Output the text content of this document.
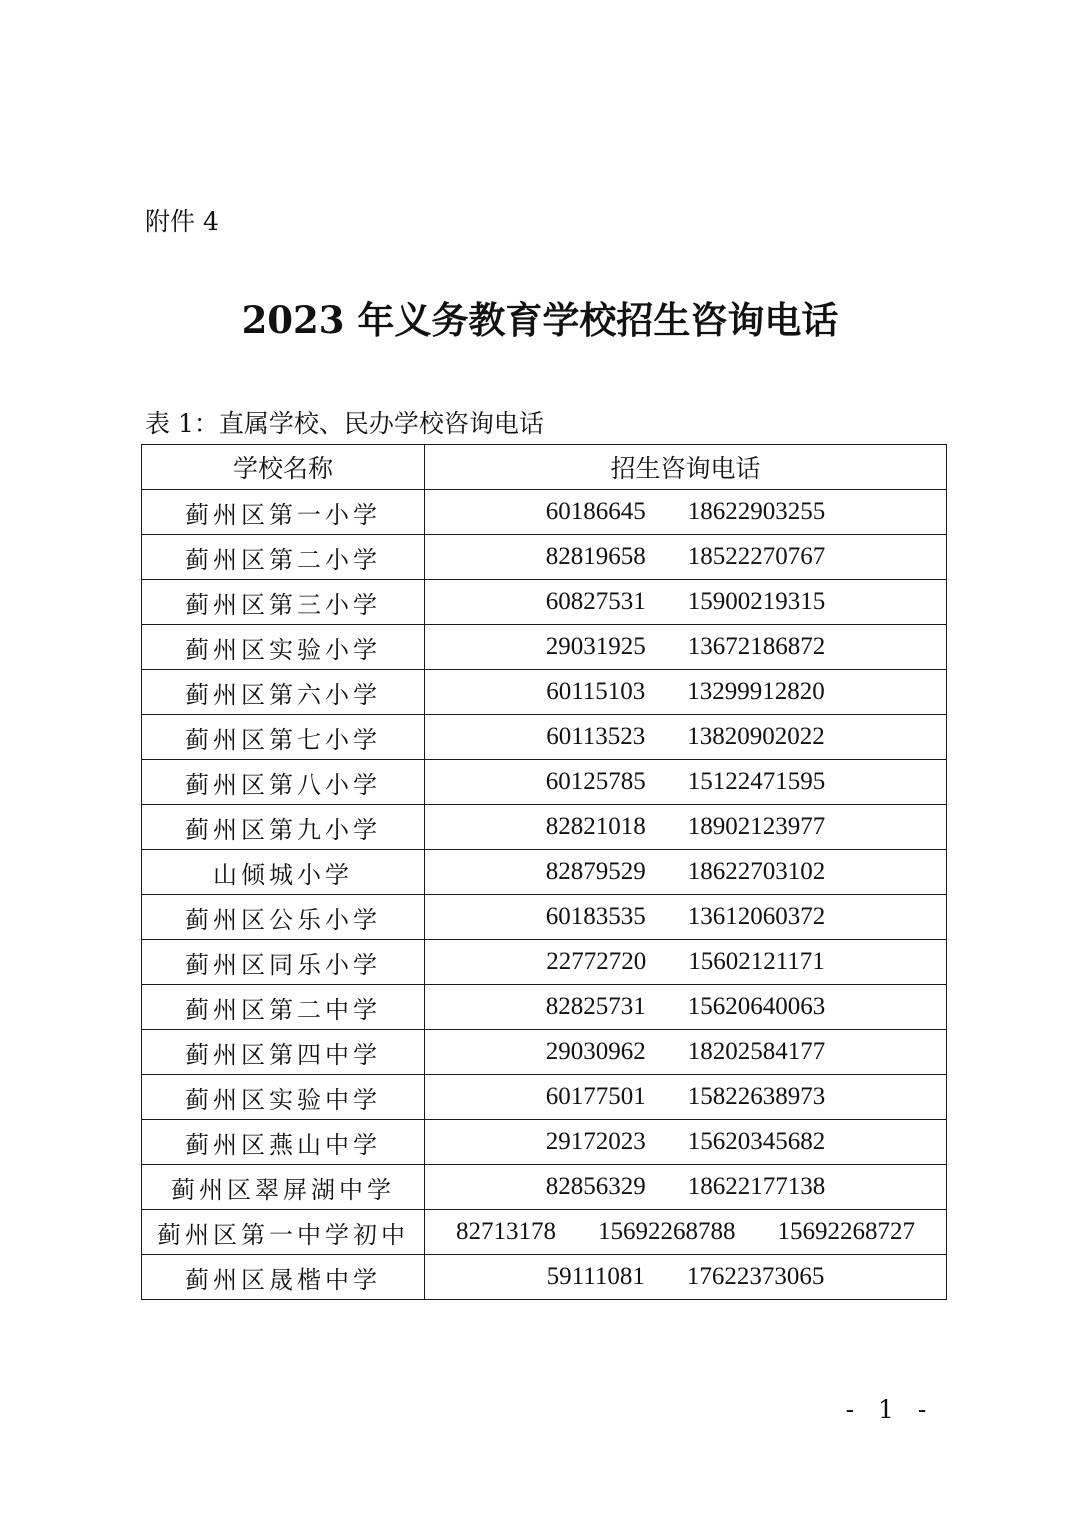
附件 4
2023 年义务教育学校招生咨询电话
表 1：直属学校、民办学校咨询电话
学校名称	招生咨询电话
蓟州区第一小学	60186645 18622903255

蓟州区第二小学	82819658 18522270767

蓟州区第三小学	60827531 15900219315

蓟州区实验小学	29031925 13672186872

蓟州区第六小学	60115103 13299912820

蓟州区第七小学	60113523 13820902022

蓟州区第八小学	60125785 15122471595

蓟州区第九小学	82821018 18902123977

山倾城小学	82879529 18622703102

蓟州区公乐小学	60183535 13612060372

蓟州区同乐小学	22772720 15602121171

蓟州区第二中学	82825731 15620640063

蓟州区第四中学	29030962 18202584177

蓟州区实验中学	60177501 15822638973

蓟州区燕山中学	29172023 15620345682

蓟州区翠屏湖中学	82856329 18622177138

蓟州区第一中学初中	82713178 15692268788 15692268727

蓟州区晟楷中学	59111081 17622373065
- 1 -
